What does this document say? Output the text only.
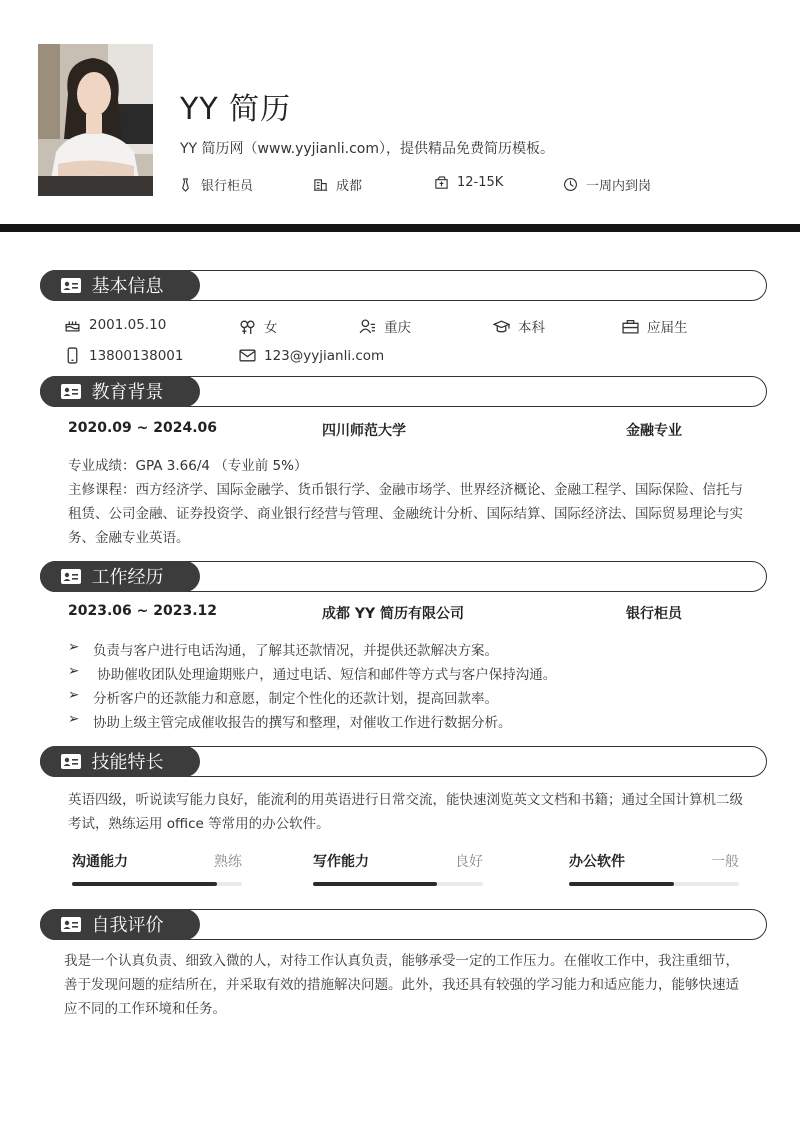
YY 简历
YY 简历网（www.yyjianli.com），提供精品免费简历模板。
银行柜员	成都	12-15K	一周内到岗
基本信息
2001.05.10	女	重庆	本科	应届生
13800138001	123@yyjianli.com
教育背景
2020.09 ~ 2024.06	四川师范大学	金融专业
专业成绩：GPA 3.66/4 （专业前 5%）
主修课程：西方经济学、国际金融学、货币银行学、金融市场学、世界经济概论、金融工程学、国际保险、信托与租赁、公司金融、证券投资学、商业银行经营与管理、金融统计分析、国际结算、国际经济法、国际贸易理论与实务、金融专业英语。
工作经历
2023.06 ~ 2023.12	成都 YY 简历有限公司	银行柜员
➢	负责与客户进行电话沟通，了解其还款情况，并提供还款解决方案。
➢	协助催收团队处理逾期账户，通过电话、短信和邮件等方式与客户保持沟通。
➢	分析客户的还款能力和意愿，制定个性化的还款计划，提高回款率。
➢	协助上级主管完成催收报告的撰写和整理，对催收工作进行数据分析。
技能特长
英语四级，听说读写能力良好，能流利的用英语进行日常交流，能快速浏览英文文档和书籍；通过全国计算机二级考试，熟练运用 office 等常用的办公软件。
沟通能力	熟练	写作能力	良好	办公软件	一般
自我评价
我是一个认真负责、细致入微的人，对待工作认真负责，能够承受一定的工作压力。在催收工作中，我注重细节，善于发现问题的症结所在，并采取有效的措施解决问题。此外，我还具有较强的学习能力和适应能力，能够快速适应不同的工作环境和任务。
